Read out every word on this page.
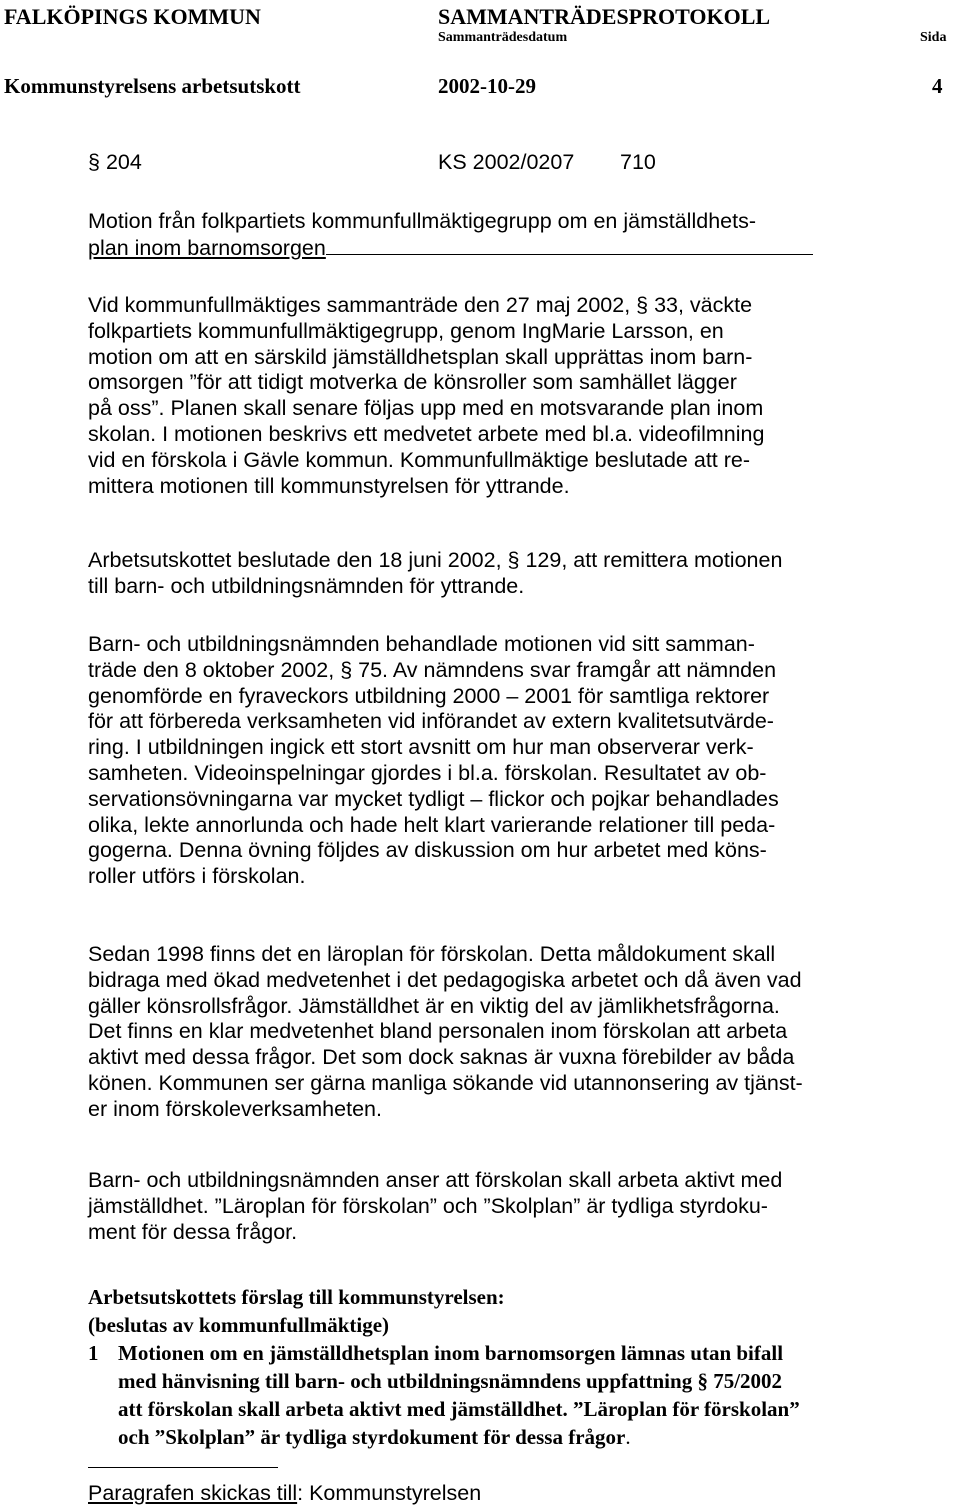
FALKÖPINGS KOMMUN	SAMMANTRÄDESPROTOKOLL
Sammanträdesdatum	Sida
Kommunstyrelsens arbetsutskott	2002-10-29	4
§ 204	KS 2002/0207 710
Motion från folkpartiets kommunfullmäktigegrupp om en jämställdhets-
plan inom barnomsorgen
Vid kommunfullmäktiges sammanträde den 27 maj 2002, § 33, väckte
folkpartiets kommunfullmäktigegrupp, genom IngMarie Larsson, en
motion om att en särskild jämställdhetsplan skall upprättas inom barn-
omsorgen ”för att tidigt motverka de könsroller som samhället lägger
på oss”. Planen skall senare följas upp med en motsvarande plan inom
skolan. I motionen beskrivs ett medvetet arbete med bl.a. videofilmning
vid en förskola i Gävle kommun. Kommunfullmäktige beslutade att re-
mittera motionen till kommunstyrelsen för yttrande.
Arbetsutskottet beslutade den 18 juni 2002, § 129, att remittera motionen
till barn- och utbildningsnämnden för yttrande.
Barn- och utbildningsnämnden behandlade motionen vid sitt samman-
träde den 8 oktober 2002, § 75. Av nämndens svar framgår att nämnden
genomförde en fyraveckors utbildning 2000 – 2001 för samtliga rektorer
för att förbereda verksamheten vid införandet av extern kvalitetsutvärde-
ring. I utbildningen ingick ett stort avsnitt om hur man observerar verk-
samheten. Videoinspelningar gjordes i bl.a. förskolan. Resultatet av ob-
servationsövningarna var mycket tydligt – flickor och pojkar behandlades
olika, lekte annorlunda och hade helt klart varierande relationer till peda-
gogerna. Denna övning följdes av diskussion om hur arbetet med köns-
roller utförs i förskolan.
Sedan 1998 finns det en läroplan för förskolan. Detta måldokument skall
bidraga med ökad medvetenhet i det pedagogiska arbetet och då även vad
gäller könsrollsfrågor. Jämställdhet är en viktig del av jämlikhetsfrågorna.
Det finns en klar medvetenhet bland personalen inom förskolan att arbeta
aktivt med dessa frågor. Det som dock saknas är vuxna förebilder av båda
könen. Kommunen ser gärna manliga sökande vid utannonsering av tjänst-
er inom förskoleverksamheten.
Barn- och utbildningsnämnden anser att förskolan skall arbeta aktivt med
jämställdhet. ”Läroplan för förskolan” och ”Skolplan” är tydliga styrdoku-
ment för dessa frågor.
Arbetsutskottets förslag till kommunstyrelsen:
(beslutas av kommunfullmäktige)
1 Motionen om en jämställdhetsplan inom barnomsorgen lämnas utan bifall
med hänvisning till barn- och utbildningsnämndens uppfattning § 75/2002
att förskolan skall arbeta aktivt med jämställdhet. ”Läroplan för förskolan”
och ”Skolplan” är tydliga styrdokument för dessa frågor.
Paragrafen skickas till: Kommunstyrelsen
